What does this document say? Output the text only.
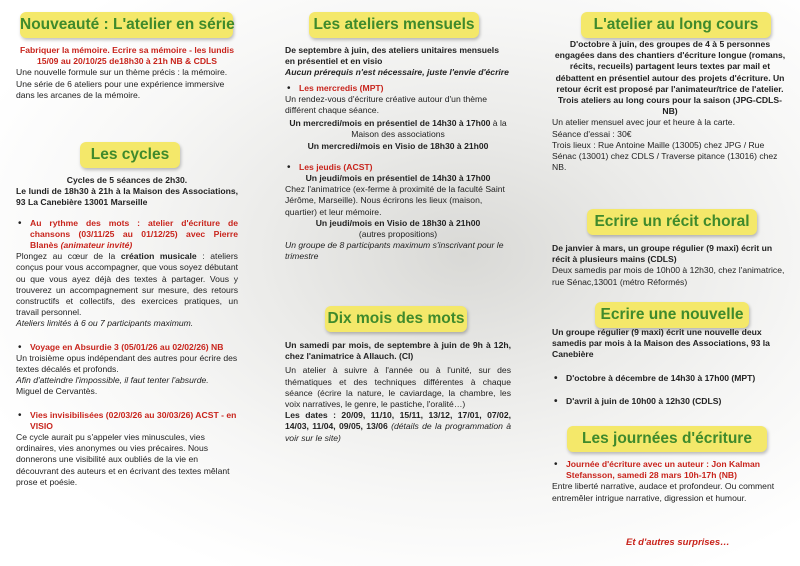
Nouveauté : L'atelier en série

Fabriquer la mémoire. Ecrire sa mémoire - les lundis 15/09 au 20/10/25 de18h30 à 21h NB & CDLS

Une nouvelle formule sur un thème précis : la mémoire. Une série de 6 ateliers pour une expérience immersive dans les arcanes de la mémoire.

Les cycles

Cycles de 5 séances de 2h30.

Le lundi de 18h30 à 21h à la Maison des Associations, 93 La Canebière 13001 Marseille

• Au rythme des mots : atelier d'écriture de chansons (03/11/25 au 01/12/25) avec Pierre Blanès (animateur invité)

Plongez au cœur de la création musicale : ateliers conçus pour vous accompagner, que vous soyez débutant ou que vous ayez déjà des textes à partager. Vous y trouverez un accompagnement sur mesure, des retours constructifs et collectifs, des exercices pratiques, un travail personnel.

Ateliers limités à 6 ou 7 participants maximum.

• Voyage en Absurdie 3 (05/01/26 au 02/02/26) NB

Un troisième opus indépendant des autres pour écrire des textes décalés et profonds.

Afin d'atteindre l'impossible, il faut tenter l'absurde.

Miguel de Cervantès.

• Vies invisibilisées (02/03/26 au 30/03/26) ACST - en VISIO

Ce cycle aurait pu s'appeler vies minuscules, vies ordinaires, vies anonymes ou vies précaires. Nous donnerons une visibilité aux oubliés de la vie en découvrant des auteurs et en écrivant des textes mêlant prose et poésie.

Les ateliers mensuels

De septembre à juin, des ateliers unitaires mensuels en présentiel et en visio

Aucun prérequis n'est nécessaire, juste l'envie d'écrire

• Les mercredis (MPT)

Un rendez-vous d'écriture créative autour d'un thème différent chaque séance.

Un mercredi/mois en présentiel de 14h30 à 17h00 à la Maison des associations

Un mercredi/mois en Visio de 18h30 à 21h00

• Les jeudis (ACST)

Un jeudi/mois en présentiel de 14h30 à 17h00

Chez l'animatrice (ex-ferme à proximité de la faculté Saint Jérôme, Marseille). Nous écrirons les lieux (maison, quartier) et leur mémoire.

Un jeudi/mois en Visio de 18h30 à 21h00

(autres propositions)

Un groupe de 8 participants maximum s'inscrivant pour le trimestre

Dix mois des mots

Un samedi par mois, de septembre à juin de 9h à 12h, chez l'animatrice à Allauch. (CI)

Un atelier à suivre à l'année ou à l'unité, sur des thématiques et des techniques différentes à chaque séance (écrire la nature, le caviardage, la chambre, les voix narratives, le genre, le pastiche, l'oralité…)

Les dates : 20/09, 11/10, 15/11, 13/12, 17/01, 07/02, 14/03, 11/04, 09/05, 13/06 (détails de la programmation à voir sur le site)

L'atelier au long cours

D'octobre à juin, des groupes de 4 à 5 personnes engagées dans des chantiers d'écriture longue (romans, récits, recueils) partagent leurs textes par mail et débattent en présentiel autour des projets d'écriture. Un retour écrit est proposé par l'animateur/trice de l'atelier. Trois ateliers au long cours pour la saison (JPG-CDLS-NB)

Un atelier mensuel avec jour et heure à la carte.

Séance d'essai : 30€

Trois lieux : Rue Antoine Maille (13005) chez JPG / Rue Sénac (13001) chez CDLS / Traverse pitance (13016) chez NB.

Ecrire un récit choral

De janvier à mars, un groupe régulier (9 maxi) écrit un récit à plusieurs mains (CDLS)

Deux samedis par mois de 10h00 à 12h30, chez l'animatrice, rue Sénac,13001 (métro Réformés)

Ecrire une nouvelle

Un groupe régulier (9 maxi) écrit une nouvelle deux samedis par mois à la Maison des Associations, 93 la Canebière

• D'octobre à décembre de 14h30 à 17h00 (MPT)
• D'avril à juin de 10h00 à 12h30 (CDLS)
Les journées d'écriture
• Journée d'écriture avec un auteur : Jon Kalman Stefansson, samedi 28 mars 10h-17h (NB)

Entre liberté narrative, audace et profondeur. Ou comment entremêler intrigue narrative, digression et humour.

Et d'autres surprises…
